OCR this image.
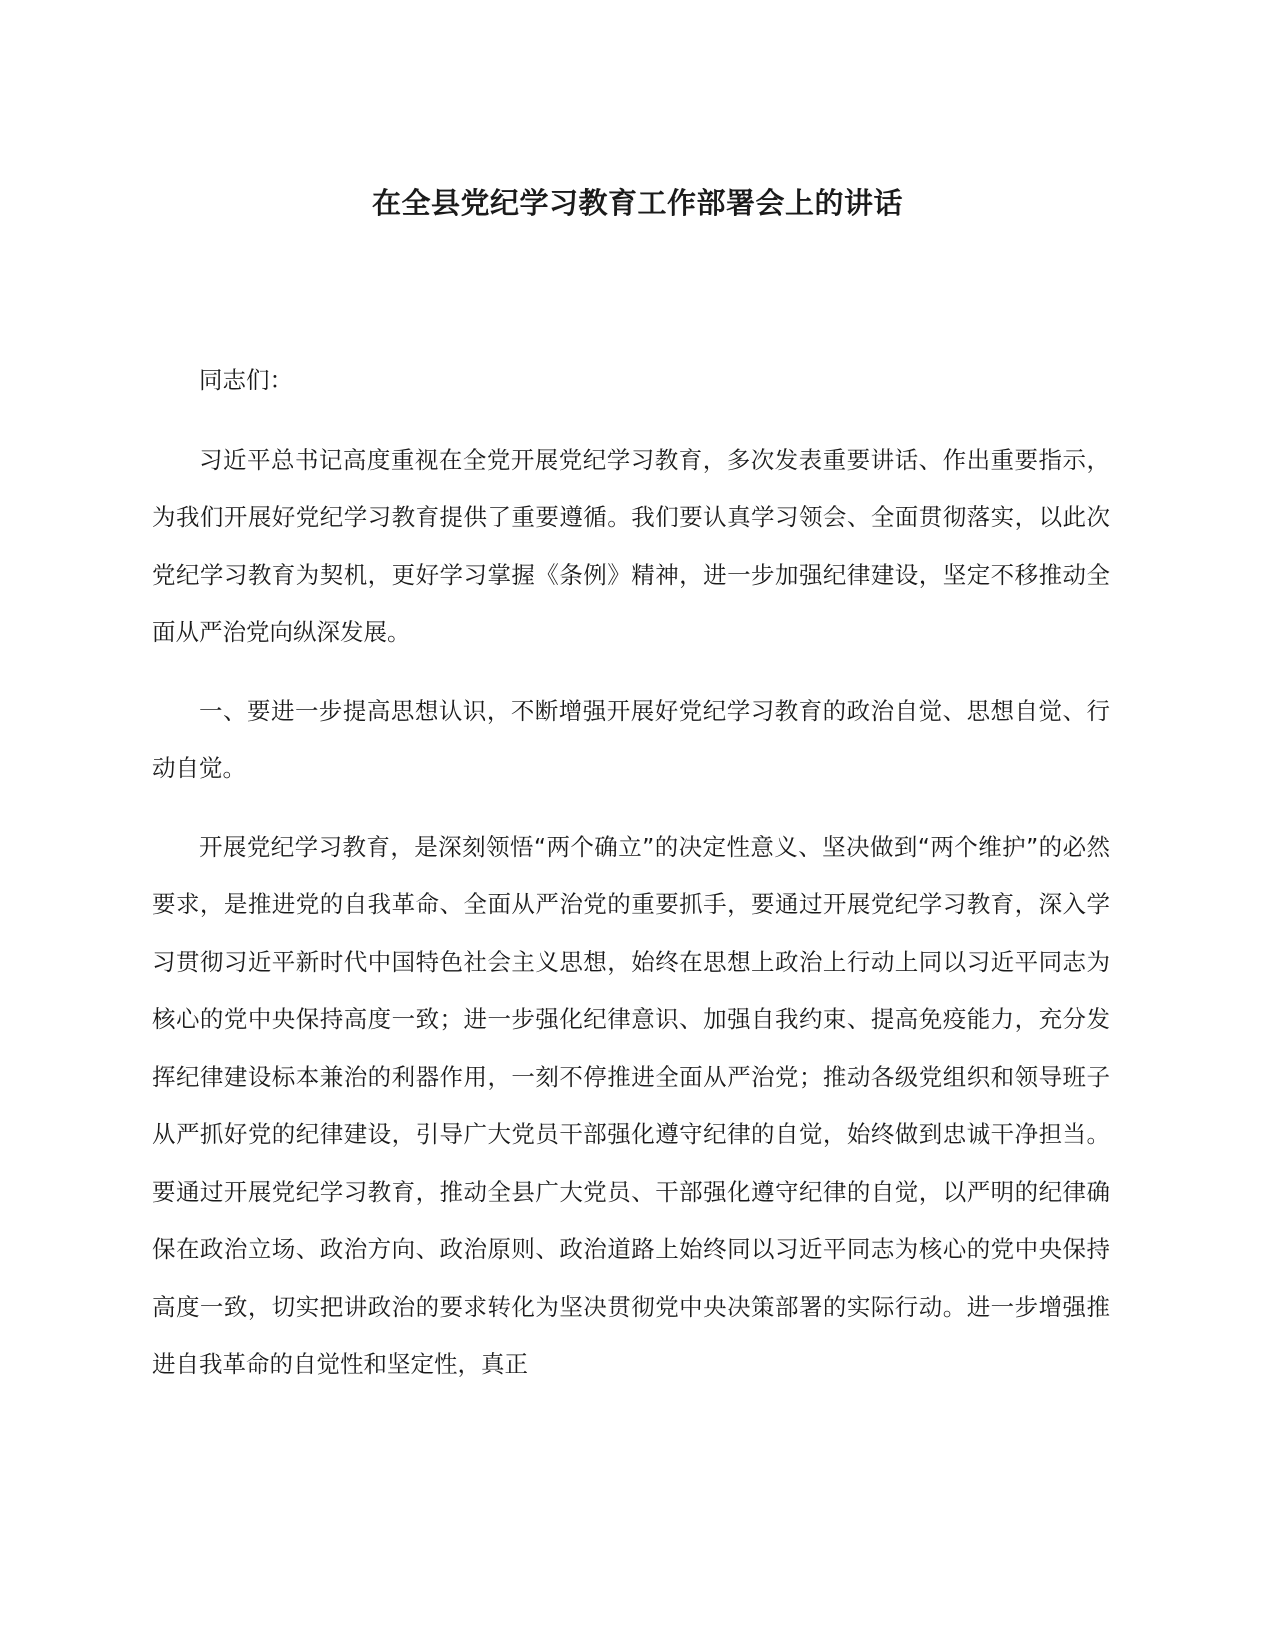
在全县党纪学习教育工作部署会上的讲话

同志们：

习近平总书记高度重视在全党开展党纪学习教育，多次发表重要讲话、作出重要指示，为我们开展好党纪学习教育提供了重要遵循。我们要认真学习领会、全面贯彻落实，以此次党纪学习教育为契机，更好学习掌握《条例》精神，进一步加强纪律建设，坚定不移推动全面从严治党向纵深发展。

一、要进一步提高思想认识，不断增强开展好党纪学习教育的政治自觉、思想自觉、行动自觉。

开展党纪学习教育，是深刻领悟“两个确立”的决定性意义、坚决做到“两个维护”的必然要求，是推进党的自我革命、全面从严治党的重要抓手，要通过开展党纪学习教育，深入学习贯彻习近平新时代中国特色社会主义思想，始终在思想上政治上行动上同以习近平同志为核心的党中央保持高度一致；进一步强化纪律意识、加强自我约束、提高免疫能力，充分发挥纪律建设标本兼治的利器作用，一刻不停推进全面从严治党；推动各级党组织和领导班子从严抓好党的纪律建设，引导广大党员干部强化遵守纪律的自觉，始终做到忠诚干净担当。要通过开展党纪学习教育，推动全县广大党员、干部强化遵守纪律的自觉，以严明的纪律确保在政治立场、政治方向、政治原则、政治道路上始终同以习近平同志为核心的党中央保持高度一致，切实把讲政治的要求转化为坚决贯彻党中央决策部署的实际行动。进一步增强推进自我革命的自觉性和坚定性，真正
